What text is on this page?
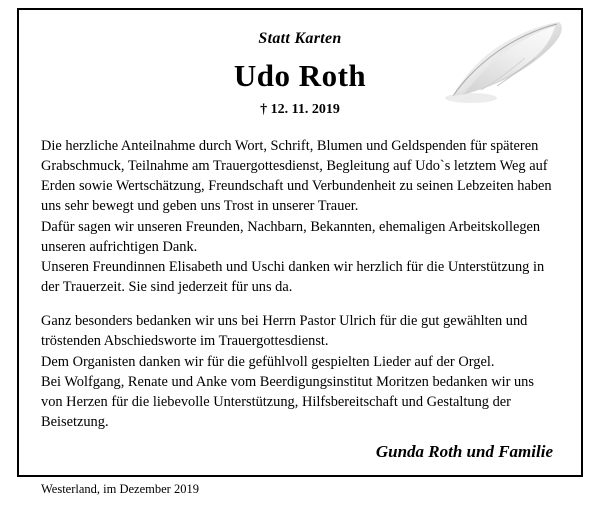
Statt Karten
Udo Roth
† 12. 11. 2019

Die herzliche Anteilnahme durch Wort, Schrift, Blumen und Geldspenden für späteren Grabschmuck, Teilnahme am Trauergottesdienst, Begleitung auf Udo`s letztem Weg auf Erden sowie Wertschätzung, Freundschaft und Verbundenheit zu seinen Lebzeiten haben uns sehr bewegt und geben uns Trost in unserer Trauer.

Dafür sagen wir unseren Freunden, Nachbarn, Bekannten, ehemaligen Arbeitskollegen unseren aufrichtigen Dank.

Unseren Freundinnen Elisabeth und Uschi danken wir herzlich für die Unterstützung in der Trauerzeit. Sie sind jederzeit für uns da.

Ganz besonders bedanken wir uns bei Herrn Pastor Ulrich für die gut gewählten und tröstenden Abschiedsworte im Trauergottesdienst.

Dem Organisten danken wir für die gefühlvoll gespielten Lieder auf der Orgel.

Bei Wolfgang, Renate und Anke vom Beerdigungsinstitut Moritzen bedanken wir uns von Herzen für die liebevolle Unterstützung, Hilfsbereitschaft und Gestaltung der Beisetzung.

Gunda Roth und Familie
Westerland, im Dezember 2019
